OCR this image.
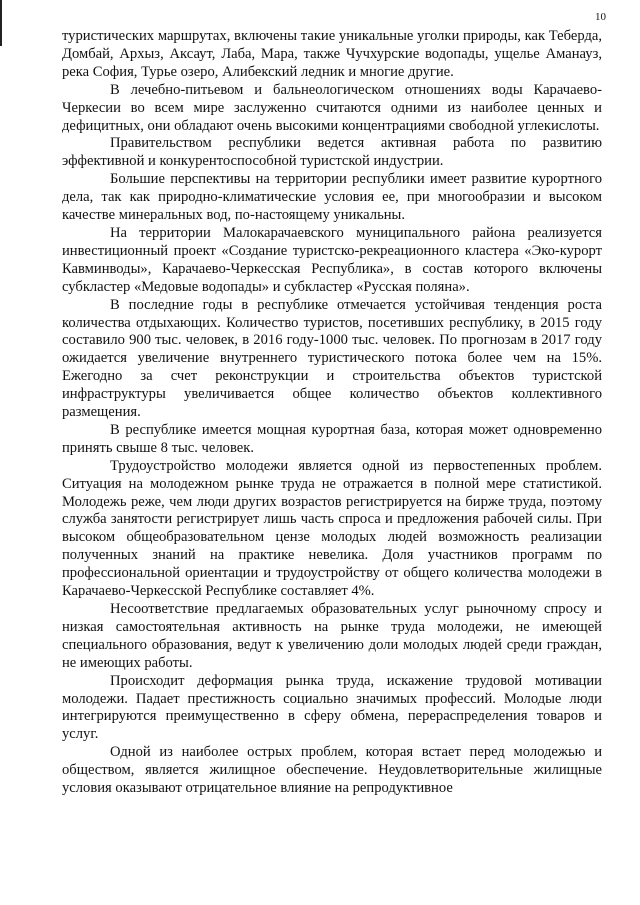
10

туристических маршрутах, включены такие уникальные уголки природы, как Теберда, Домбай, Архыз, Аксаут, Лаба, Мара, также Чучхурские водопады, ущелье Аманауз, река София, Турье озеро, Алибекский ледник и многие другие.

В лечебно-питьевом и бальнеологическом отношениях воды Карачаево-Черкесии во всем мире заслуженно считаются одними из наиболее ценных и дефицитных, они обладают очень высокими концентрациями свободной углекислоты.

Правительством республики ведется активная работа по развитию эффективной и конкурентоспособной туристской индустрии.

Большие перспективы на территории республики имеет развитие курортного дела, так как природно-климатические условия ее, при многообразии и высоком качестве минеральных вод, по-настоящему уникальны.

На территории Малокарачаевского муниципального района реализуется инвестиционный проект «Создание туристско-рекреационного кластера «Эко-курорт Кавминводы», Карачаево-Черкесская Республика», в состав которого включены субкластер «Медовые водопады» и субкластер «Русская поляна».

В последние годы в республике отмечается устойчивая тенденция роста количества отдыхающих. Количество туристов, посетивших республику, в 2015 году составило 900 тыс. человек, в 2016 году-1000 тыс. человек. По прогнозам в 2017 году ожидается увеличение внутреннего туристического потока более чем на 15%. Ежегодно за счет реконструкции и строительства объектов туристской инфраструктуры увеличивается общее количество объектов коллективного размещения.

В республике имеется мощная курортная база, которая может одновременно принять свыше 8 тыс. человек.

Трудоустройство молодежи является одной из первостепенных проблем. Ситуация на молодежном рынке труда не отражается в полной мере статистикой. Молодежь реже, чем люди других возрастов регистрируется на бирже труда, поэтому служба занятости регистрирует лишь часть спроса и предложения рабочей силы. При высоком общеобразовательном цензе молодых людей возможность реализации полученных знаний на практике невелика. Доля участников программ по профессиональной ориентации и трудоустройству от общего количества молодежи в Карачаево-Черкесской Республике составляет 4%.

Несоответствие предлагаемых образовательных услуг рыночному спросу и низкая самостоятельная активность на рынке труда молодежи, не имеющей специального образования, ведут к увеличению доли молодых людей среди граждан, не имеющих работы.

Происходит деформация рынка труда, искажение трудовой мотивации молодежи. Падает престижность социально значимых профессий. Молодые люди интегрируются преимущественно в сферу обмена, перераспределения товаров и услуг.

Одной из наиболее острых проблем, которая встает перед молодежью и обществом, является жилищное обеспечение. Неудовлетворительные жилищные условия оказывают отрицательное влияние на репродуктивное
